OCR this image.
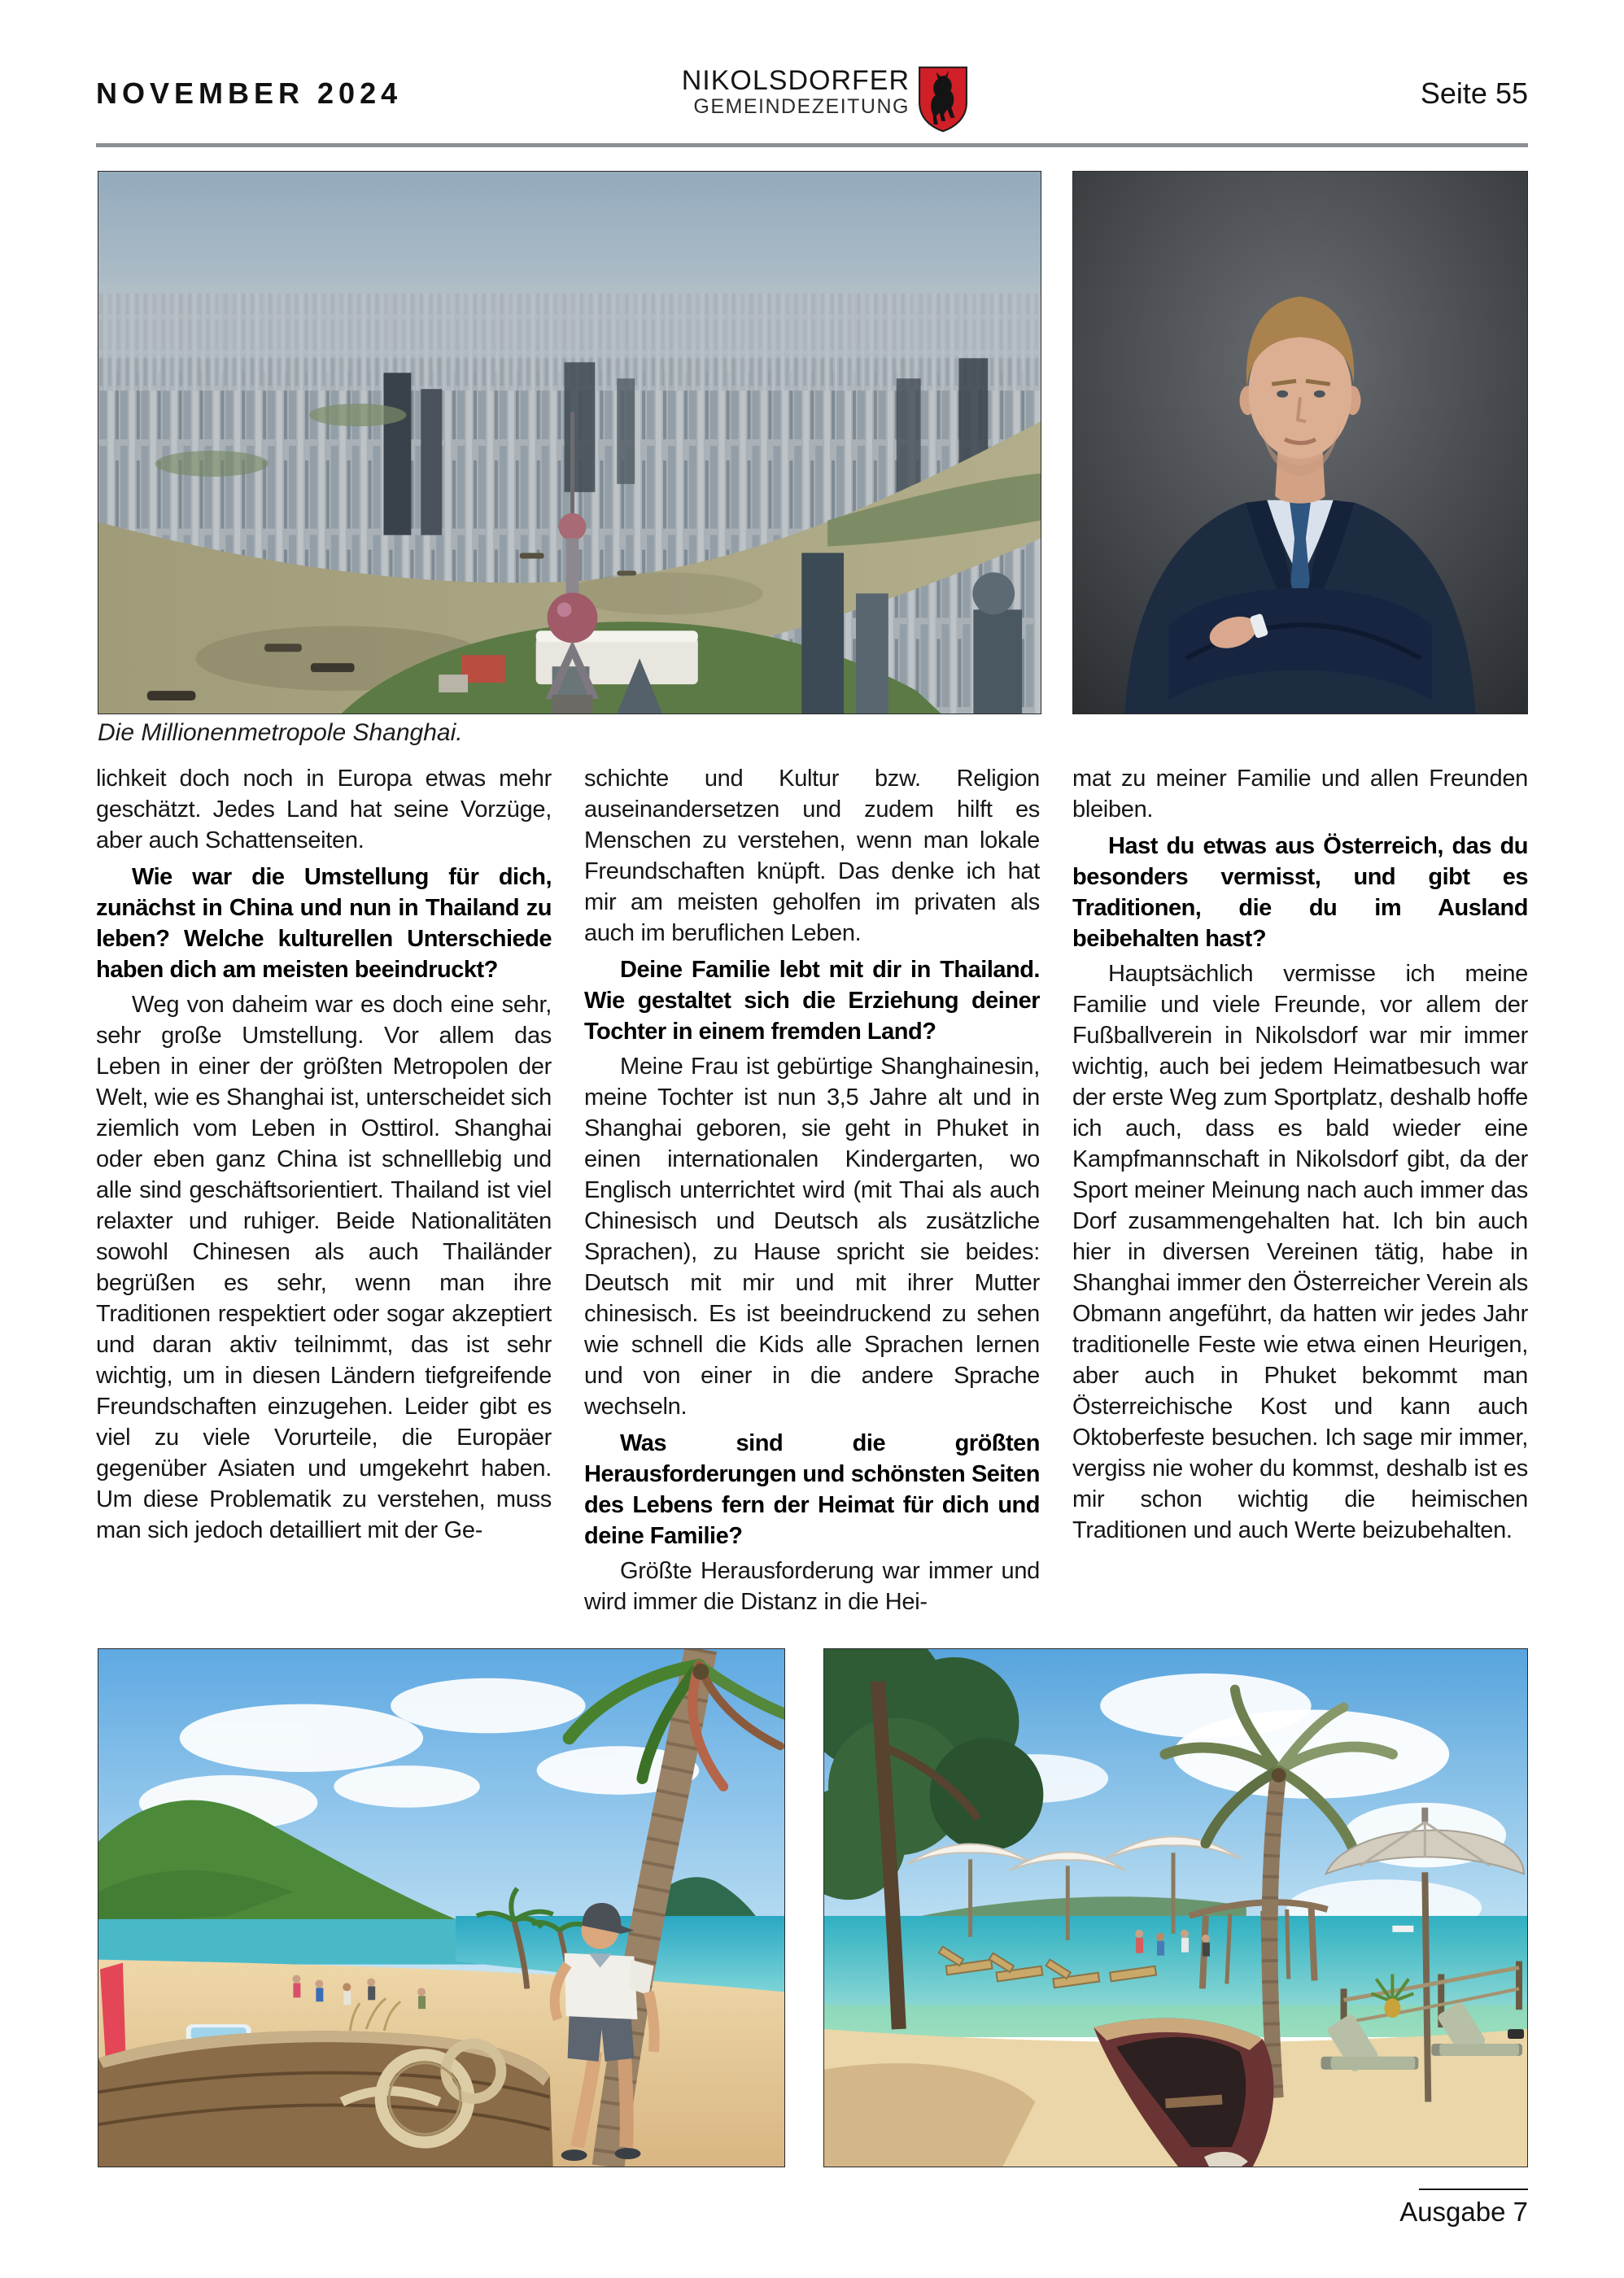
NOVEMBER 2024	NIKOLSDORFER
GEMEINDEZEITUNG	Seite 55
Die Millionenmetropole Shanghai.

lichkeit doch noch in Europa etwas mehr geschätzt. Jedes Land hat seine Vorzüge, aber auch Schattenseiten.

Wie war die Umstellung für dich, zunächst in China und nun in Thailand zu leben? Welche kulturellen Unterschiede haben dich am meisten beeindruckt?

Weg von daheim war es doch eine sehr, sehr große Umstellung. Vor allem das Leben in einer der größten Metropolen der Welt, wie es Shanghai ist, unterscheidet sich ziemlich vom Leben in Osttirol. Shanghai oder eben ganz China ist schnelllebig und alle sind geschäftsorientiert. Thailand ist viel relaxter und ruhiger. Beide Nationalitäten sowohl Chinesen als auch Thailänder begrüßen es sehr, wenn man ihre Traditionen respektiert oder sogar akzeptiert und daran aktiv teilnimmt, das ist sehr wichtig, um in diesen Ländern tiefgreifende Freundschaften einzugehen. Leider gibt es viel zu viele Vorurteile, die Europäer gegenüber Asiaten und umgekehrt haben. Um diese Problematik zu verstehen, muss man sich jedoch detailliert mit der Ge-

schichte und Kultur bzw. Religion auseinandersetzen und zudem hilft es Menschen zu verstehen, wenn man lokale Freundschaften knüpft. Das denke ich hat mir am meisten geholfen im privaten als auch im beruflichen Leben.

Deine Familie lebt mit dir in Thailand. Wie gestaltet sich die Erziehung deiner Tochter in einem fremden Land?

Meine Frau ist gebürtige Shanghainesin, meine Tochter ist nun 3,5 Jahre alt und in Shanghai geboren, sie geht in Phuket in einen internationalen Kindergarten, wo Englisch unterrichtet wird (mit Thai als auch Chinesisch und Deutsch als zusätzliche Sprachen), zu Hause spricht sie beides: Deutsch mit mir und mit ihrer Mutter chinesisch. Es ist beeindruckend zu sehen wie schnell die Kids alle Sprachen lernen und von einer in die andere Sprache wechseln.

Was sind die größten Herausforderungen und schönsten Seiten des Lebens fern der Heimat für dich und deine Familie?

Größte Herausforderung war immer und wird immer die Distanz in die Hei-

mat zu meiner Familie und allen Freunden bleiben.

Hast du etwas aus Österreich, das du besonders vermisst, und gibt es Traditionen, die du im Ausland beibehalten hast?

Hauptsächlich vermisse ich meine Familie und viele Freunde, vor allem der Fußballverein in Nikolsdorf war mir immer wichtig, auch bei jedem Heimatbesuch war der erste Weg zum Sportplatz, deshalb hoffe ich auch, dass es bald wieder eine Kampfmannschaft in Nikolsdorf gibt, da der Sport meiner Meinung nach auch immer das Dorf zusammengehalten hat. Ich bin auch hier in diversen Vereinen tätig, habe in Shanghai immer den Österreicher Verein als Obmann angeführt, da hatten wir jedes Jahr traditionelle Feste wie etwa einen Heurigen, aber auch in Phuket bekommt man Österreichische Kost und kann auch Oktoberfeste besuchen. Ich sage mir immer, vergiss nie woher du kommst, deshalb ist es mir schon wichtig die heimischen Traditionen und auch Werte beizubehalten.

Ausgabe 7
